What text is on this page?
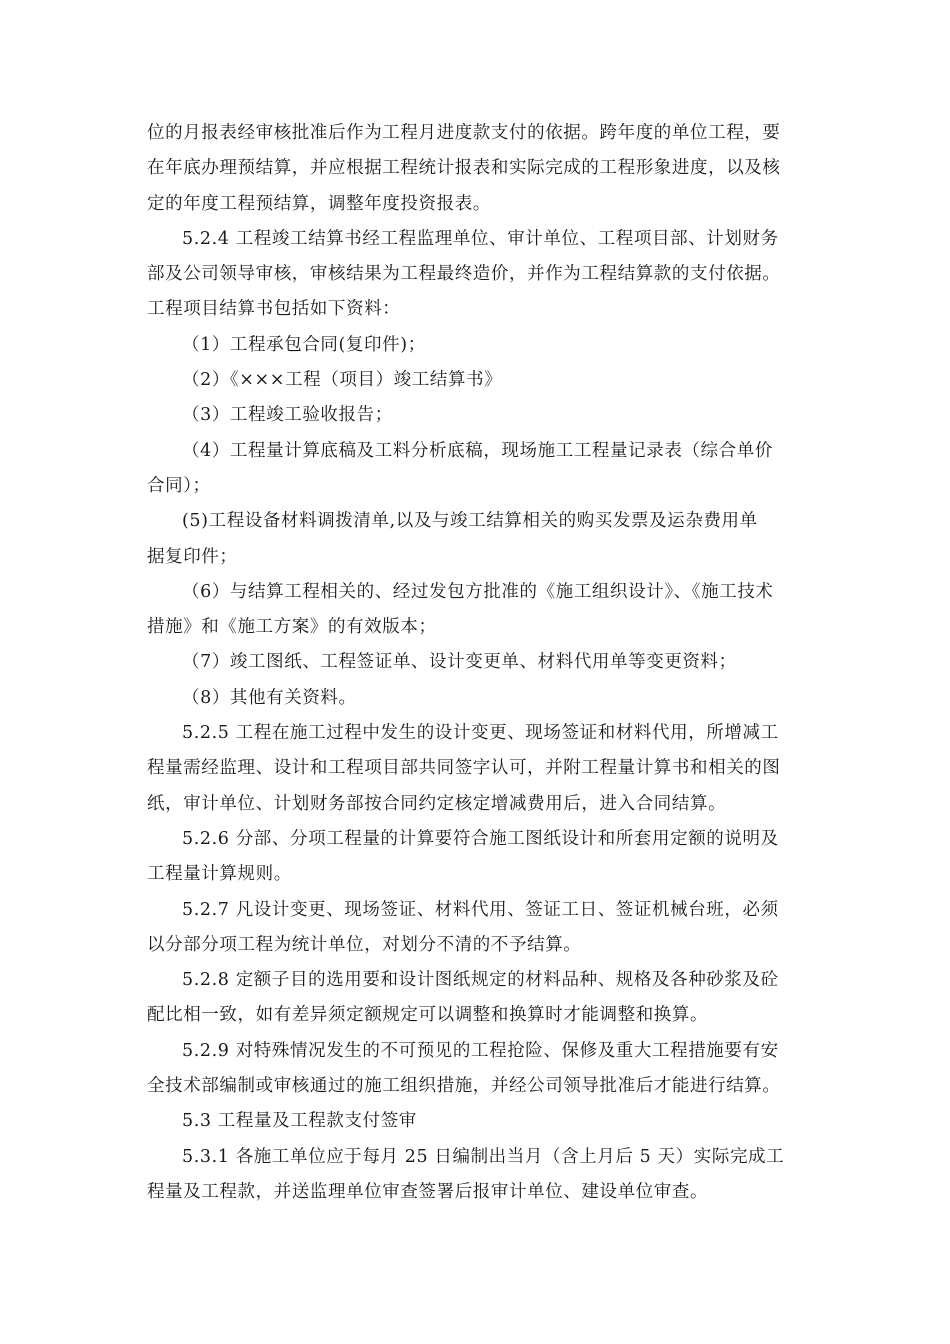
位的月报表经审核批准后作为工程月进度款支付的依据。跨年度的单位工程，要
在年底办理预结算，并应根据工程统计报表和实际完成的工程形象进度，以及核
定的年度工程预结算，调整年度投资报表。
5.2.4 工程竣工结算书经工程监理单位、审计单位、工程项目部、计划财务
部及公司领导审核，审核结果为工程最终造价，并作为工程结算款的支付依据。
工程项目结算书包括如下资料：
（1）工程承包合同(复印件)；
（2）《×××工程（项目）竣工结算书》
（3）工程竣工验收报告；
（4）工程量计算底稿及工料分析底稿，现场施工工程量记录表（综合单价
合同）；
(5)工程设备材料调拨清单,以及与竣工结算相关的购买发票及运杂费用单
据复印件；
（6）与结算工程相关的、经过发包方批准的《施工组织设计》、《施工技术
措施》和《施工方案》的有效版本；
（7）竣工图纸、工程签证单、设计变更单、材料代用单等变更资料；
（8）其他有关资料。
5.2.5 工程在施工过程中发生的设计变更、现场签证和材料代用，所增减工
程量需经监理、设计和工程项目部共同签字认可，并附工程量计算书和相关的图
纸，审计单位、计划财务部按合同约定核定增减费用后，进入合同结算。
5.2.6 分部、分项工程量的计算要符合施工图纸设计和所套用定额的说明及
工程量计算规则。
5.2.7 凡设计变更、现场签证、材料代用、签证工日、签证机械台班，必须
以分部分项工程为统计单位，对划分不清的不予结算。
5.2.8 定额子目的选用要和设计图纸规定的材料品种、规格及各种砂浆及砼
配比相一致，如有差异须定额规定可以调整和换算时才能调整和换算。
5.2.9 对特殊情况发生的不可预见的工程抢险、保修及重大工程措施要有安
全技术部编制或审核通过的施工组织措施，并经公司领导批准后才能进行结算。
5.3 工程量及工程款支付签审
5.3.1 各施工单位应于每月 25 日编制出当月（含上月后 5 天）实际完成工
程量及工程款，并送监理单位审查签署后报审计单位、建设单位审查。
